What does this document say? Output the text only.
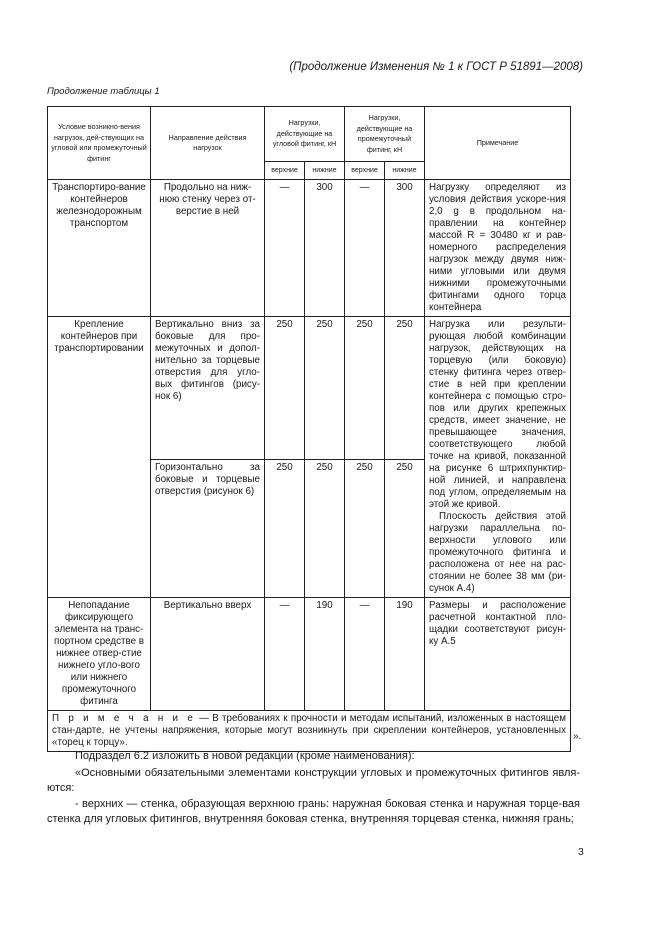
(Продолжение Изменения № 1 к ГОСТ Р 51891—2008)
Продолжение таблицы 1
Условие возникно-вения нагрузок, дей-ствующих на угловой или промежуточный фитинг	Направление действия нагрузок	Нагрузки, действующие на угловой фитинг, кН		Нагрузки, действующие на промежуточный фитинг, кН		Примечание
		верхние	нижние	верхние	нижние	
Транспортиро-вание контейнеров железнодорожным транспортом	Продольно на ниж-нюю стенку через от-верстие в ней	—	300	—	300	Нагрузку определяют из условия действия ускоре-ния 2,0 g в продольном на-правлении на контейнер массой R = 30480 кг и рав-номерного распределения нагрузок между двумя ниж-ними угловыми или двумя нижними промежуточными фитингами одного торца контейнера
Крепление контейнеров при транспортировании	Вертикально вниз за боковые для про-межуточных и допол-нительно за торцевые отверстия для угло-вых фитингов (рису-нок 6)	250	250	250	250	Нагрузка или результи-рующая любой комбинации нагрузок, действующих на торцевую (или боковую) стенку фитинга через отвер-стие в ней при креплении контейнера с помощью стро-пов или других крепежных средств, имеет значение, не превышающее значения, соответствующего любой точке на кривой, показанной на рисунке 6 штрихпунктир-ной линией, и направлена под углом, определяемым на этой же кривой.
Плоскость действия этой нагрузки параллельна по-верхности углового или промежуточного фитинга и расположена от нее на рас-стоянии не более 38 мм (ри-сунок А.4)

	Горизонтально за боковые и торцевые отверстия (рисунок 6)	250	250	250	250	
Непопадание фиксирующего элемента на транс-портном средстве в нижнее отвер-стие нижнего угло-вого или нижнего промежуточного фитинга	Вертикально вверх	—	190	—	190	Размеры и расположение расчетной контактной пло-щадки соответствуют рисун-ку А.5
П р и м е ч а н и е — В требованиях к прочности и методам испытаний, изложенных в настоящем стан-дарте, не учтены напряжения, которые могут возникнуть при скреплении контейнеров, установленных «торец к торцу».						
».
Подраздел 6.2 изложить в новой редакции (кроме наименования):
«Основными обязательными элементами конструкции угловых и промежуточных фитингов явля-ются:
- верхних — стенка, образующая верхнюю грань: наружная боковая стенка и наружная торце-вая стенка для угловых фитингов, внутренняя боковая стенка, внутренняя торцевая стенка, нижняя грань;
3
